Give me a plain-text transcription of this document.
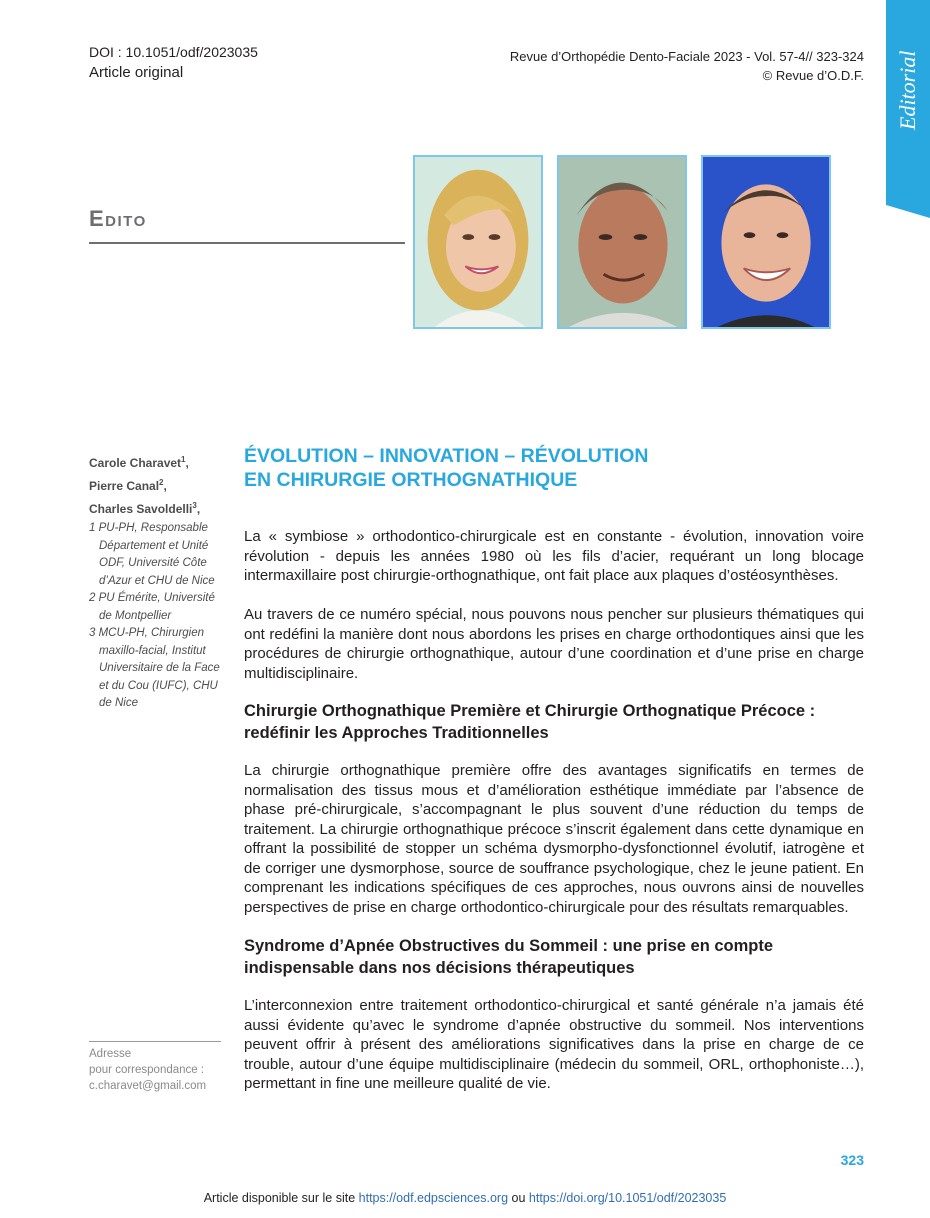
DOI : 10.1051/odf/2023035
Article original
Revue d’Orthopédie Dento-Faciale 2023 - Vol. 57-4// 323-324
© Revue d’O.D.F. Editorial
Edito
Carole Charavet$^1$,
Pierre Canal$^2$,
Charles Savoldelli$^3$,
1 PU-PH, Responsable Département et Unité ODF, Université Côte d’Azur et CHU de Nice
2 PU Émérite, Université de Montpellier
3 MCU-PH, Chirurgien maxillo-facial, Institut Universitaire de la Face et du Cou (IUFC), CHU de Nice
Adresse
pour correspondance :
c.charavet@gmail.com
ÉVOLUTION – INNOVATION – RÉVOLUTION
EN CHIRURGIE ORTHOGNATHIQUE

La « symbiose » orthodontico-chirurgicale est en constante - évolution, innovation voire révolution - depuis les années 1980 où les fils d’acier, requérant un long blocage intermaxillaire post chirurgie-orthognathique, ont fait place aux plaques d’ostéosynthèses.

Au travers de ce numéro spécial, nous pouvons nous pencher sur plusieurs thématiques qui ont redéfini la manière dont nous abordons les prises en charge orthodontiques ainsi que les procédures de chirurgie orthognathique, autour d’une coordination et d’une prise en charge multidisciplinaire.

Chirurgie Orthognathique Première et Chirurgie Orthognatique Précoce :
redéfinir les Approches Traditionnelles

La chirurgie orthognathique première offre des avantages significatifs en termes de normalisation des tissus mous et d’amélioration esthétique immédiate par l’absence de phase pré-chirurgicale, s’accompagnant le plus souvent d’une réduction du temps de traitement. La chirurgie orthognathique précoce s’inscrit également dans cette dynamique en offrant la possibilité de stopper un schéma dysmorpho-dysfonctionnel évolutif, iatrogène et de corriger une dysmorphose, source de souffrance psychologique, chez le jeune patient. En comprenant les indications spécifiques de ces approches, nous ouvrons ainsi de nouvelles perspectives de prise en charge orthodontico-chirurgicale pour des résultats remarquables.

Syndrome d’Apnée Obstructives du Sommeil : une prise en compte
indispensable dans nos décisions thérapeutiques

L’interconnexion entre traitement orthodontico-chirurgical et santé générale n’a jamais été aussi évidente qu’avec le syndrome d’apnée obstructive du sommeil. Nos interventions peuvent offrir à présent des améliorations significatives dans la prise en charge de ce trouble, autour d’une équipe multidisciplinaire (médecin du sommeil, ORL, orthophoniste…), permettant in fine une meilleure qualité de vie.

323
Article disponible sur le site https://odf.edpsciences.org ou https://doi.org/10.1051/odf/2023035
